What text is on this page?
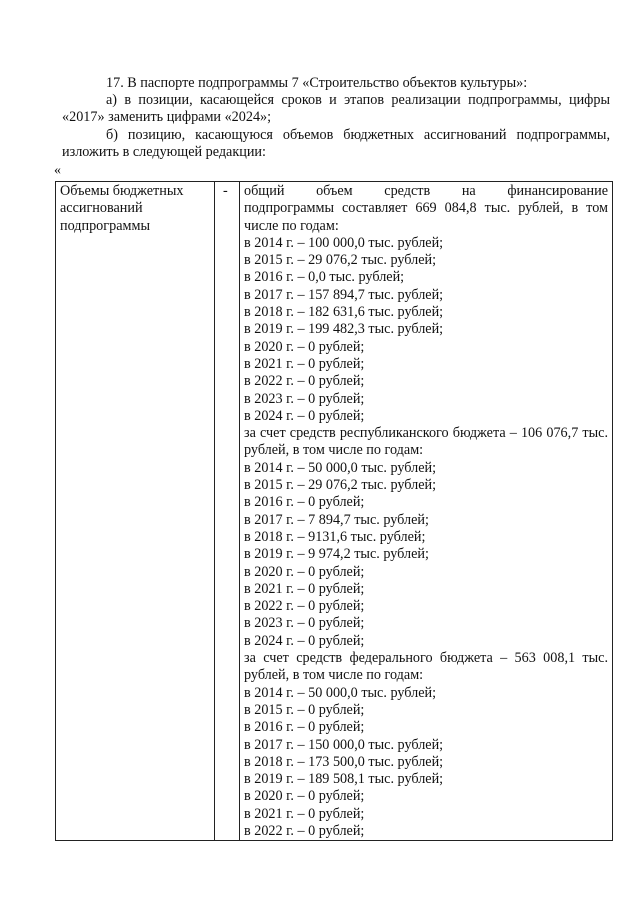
17. В паспорте подпрограммы 7 «Строительство объектов культуры»:

а) в позиции, касающейся сроков и этапов реализации подпрограммы, цифры «2017» заменить цифрами «2024»;

б) позицию, касающуюся объемов бюджетных ассигнований подпрограммы, изложить в следующей редакции:

«

Объемы бюджетных ассигнований подпрограммы

	-	общий объем средств на финансирование
подпрограммы составляет 669 084,8 тыс. рублей, в том числе по годам:
в 2014 г. – 100 000,0 тыс. рублей;
в 2015 г. – 29 076,2 тыс. рублей;
в 2016 г. – 0,0 тыс. рублей;
в 2017 г. – 157 894,7 тыс. рублей;
в 2018 г. – 182 631,6 тыс. рублей;
в 2019 г. – 199 482,3 тыс. рублей;
в 2020 г. – 0 рублей;
в 2021 г. – 0 рублей;
в 2022 г. – 0 рублей;
в 2023 г. – 0 рублей;
в 2024 г. – 0 рублей;
за счет средств республиканского бюджета – 106 076,7 тыс. рублей, в том числе по годам:
в 2014 г. – 50 000,0 тыс. рублей;
в 2015 г. – 29 076,2 тыс. рублей;
в 2016 г. – 0 рублей;
в 2017 г. – 7 894,7 тыс. рублей;
в 2018 г. – 9131,6 тыс. рублей;
в 2019 г. – 9 974,2 тыс. рублей;
в 2020 г. – 0 рублей;
в 2021 г. – 0 рублей;
в 2022 г. – 0 рублей;
в 2023 г. – 0 рублей;
в 2024 г. – 0 рублей;
за счет средств федерального бюджета – 563 008,1 тыс. рублей, в том числе по годам:
в 2014 г. – 50 000,0 тыс. рублей;
в 2015 г. – 0 рублей;
в 2016 г. – 0 рублей;
в 2017 г. – 150 000,0 тыс. рублей;
в 2018 г. – 173 500,0 тыс. рублей;
в 2019 г. – 189 508,1 тыс. рублей;
в 2020 г. – 0 рублей;
в 2021 г. – 0 рублей;
в 2022 г. – 0 рублей;
